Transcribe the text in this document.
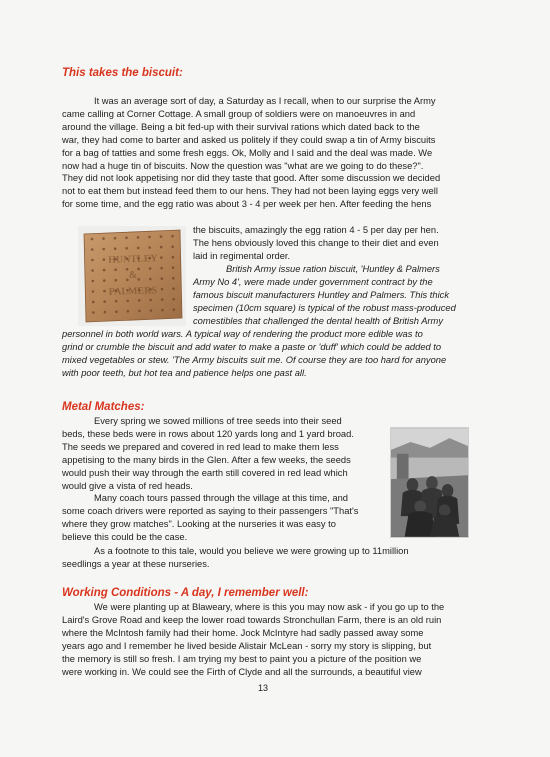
This takes the biscuit:
It was an average sort of day, a Saturday as I recall, when to our surprise the Army
came calling at Corner Cottage. A small group of soldiers were on manoeuvres in and
around the village. Being a bit fed-up with their survival rations which dated back to the
war, they had come to barter and asked us politely if they could swap a tin of Army biscuits
for a bag of tatties and some fresh eggs. Ok, Molly and I said and the deal was made. We
now had a huge tin of biscuits. Now the question was "what are we going to do these?".
They did not look appetising nor did they taste that good. After some discussion we decided
not to eat them but instead feed them to our hens. They had not been laying eggs very well
for some time, and the egg ratio was about 3 - 4 per week per hen. After feeding the hens
HUNTLEY
&
PALMERS
the biscuits, amazingly the egg ration 4 - 5 per day per hen.
The hens obviously loved this change to their diet and even
laid in regimental order.
British Army issue ration biscuit, 'Huntley & Palmers
Army No 4', were made under government contract by the
famous biscuit manufacturers Huntley and Palmers. This thick
specimen (10cm square) is typical of the robust mass-produced
comestibles that challenged the dental health of British Army
personnel in both world wars. A typical way of rendering the product more edible was to
grind or crumble the biscuit and add water to make a paste or 'duff' which could be added to
mixed vegetables or stew. 'The Army biscuits suit me. Of course they are too hard for anyone
with poor teeth, but hot tea and patience helps one past all.
Metal Matches:
Every spring we sowed millions of tree seeds into their seed
beds, these beds were in rows about 120 yards long and 1 yard broad.
The seeds we prepared and covered in red lead to make them less
appetising to the many birds in the Glen. After a few weeks, the seeds
would push their way through the earth still covered in red lead which
would give a vista of red heads.
Many coach tours passed through the village at this time, and
some coach drivers were reported as saying to their passengers "That's
where they grow matches". Looking at the nurseries it was easy to
believe this could be the case.
As a footnote to this tale, would you believe we were growing up to 11million
seedlings a year at these nurseries.
Working Conditions - A day, I remember well:
We were planting up at Blaweary, where is this you may now ask - if you go up to the
Laird's Grove Road and keep the lower road towards Stronchullan Farm, there is an old ruin
where the McIntosh family had their home. Jock McIntyre had sadly passed away some
years ago and I remember he lived beside Alistair McLean - sorry my story is slipping, but
the memory is still so fresh. I am trying my best to paint you a picture of the position we
were working in. We could see the Firth of Clyde and all the surrounds, a beautiful view
13
